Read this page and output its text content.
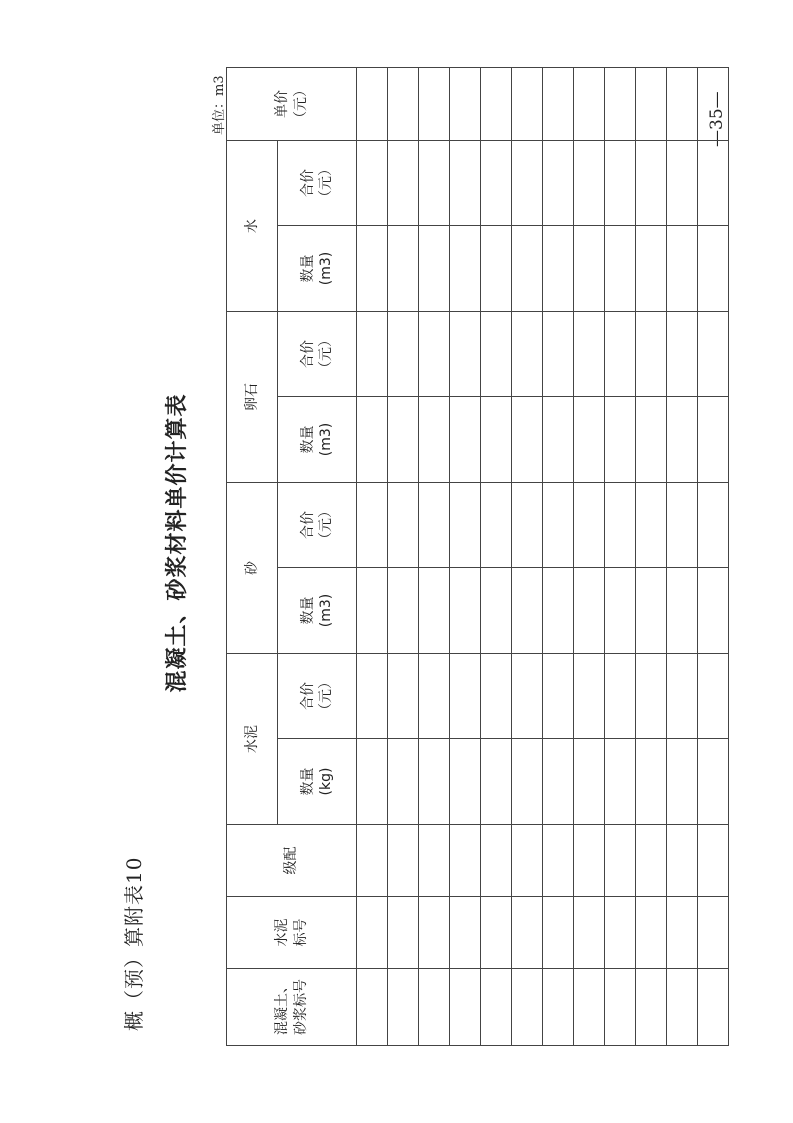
概（预）算附表10
混凝土、砂浆材料单价计算表
单位：m3	—35—
混凝土、 砂浆标号	水泥 标号	级配	水泥		砂		卵石		水		单价 （元）

			数量 (kg)	合价 （元）	数量 (m3)	合价 （元）	数量 (m3)	合价 （元）	数量 (m3)	合价 （元）	
